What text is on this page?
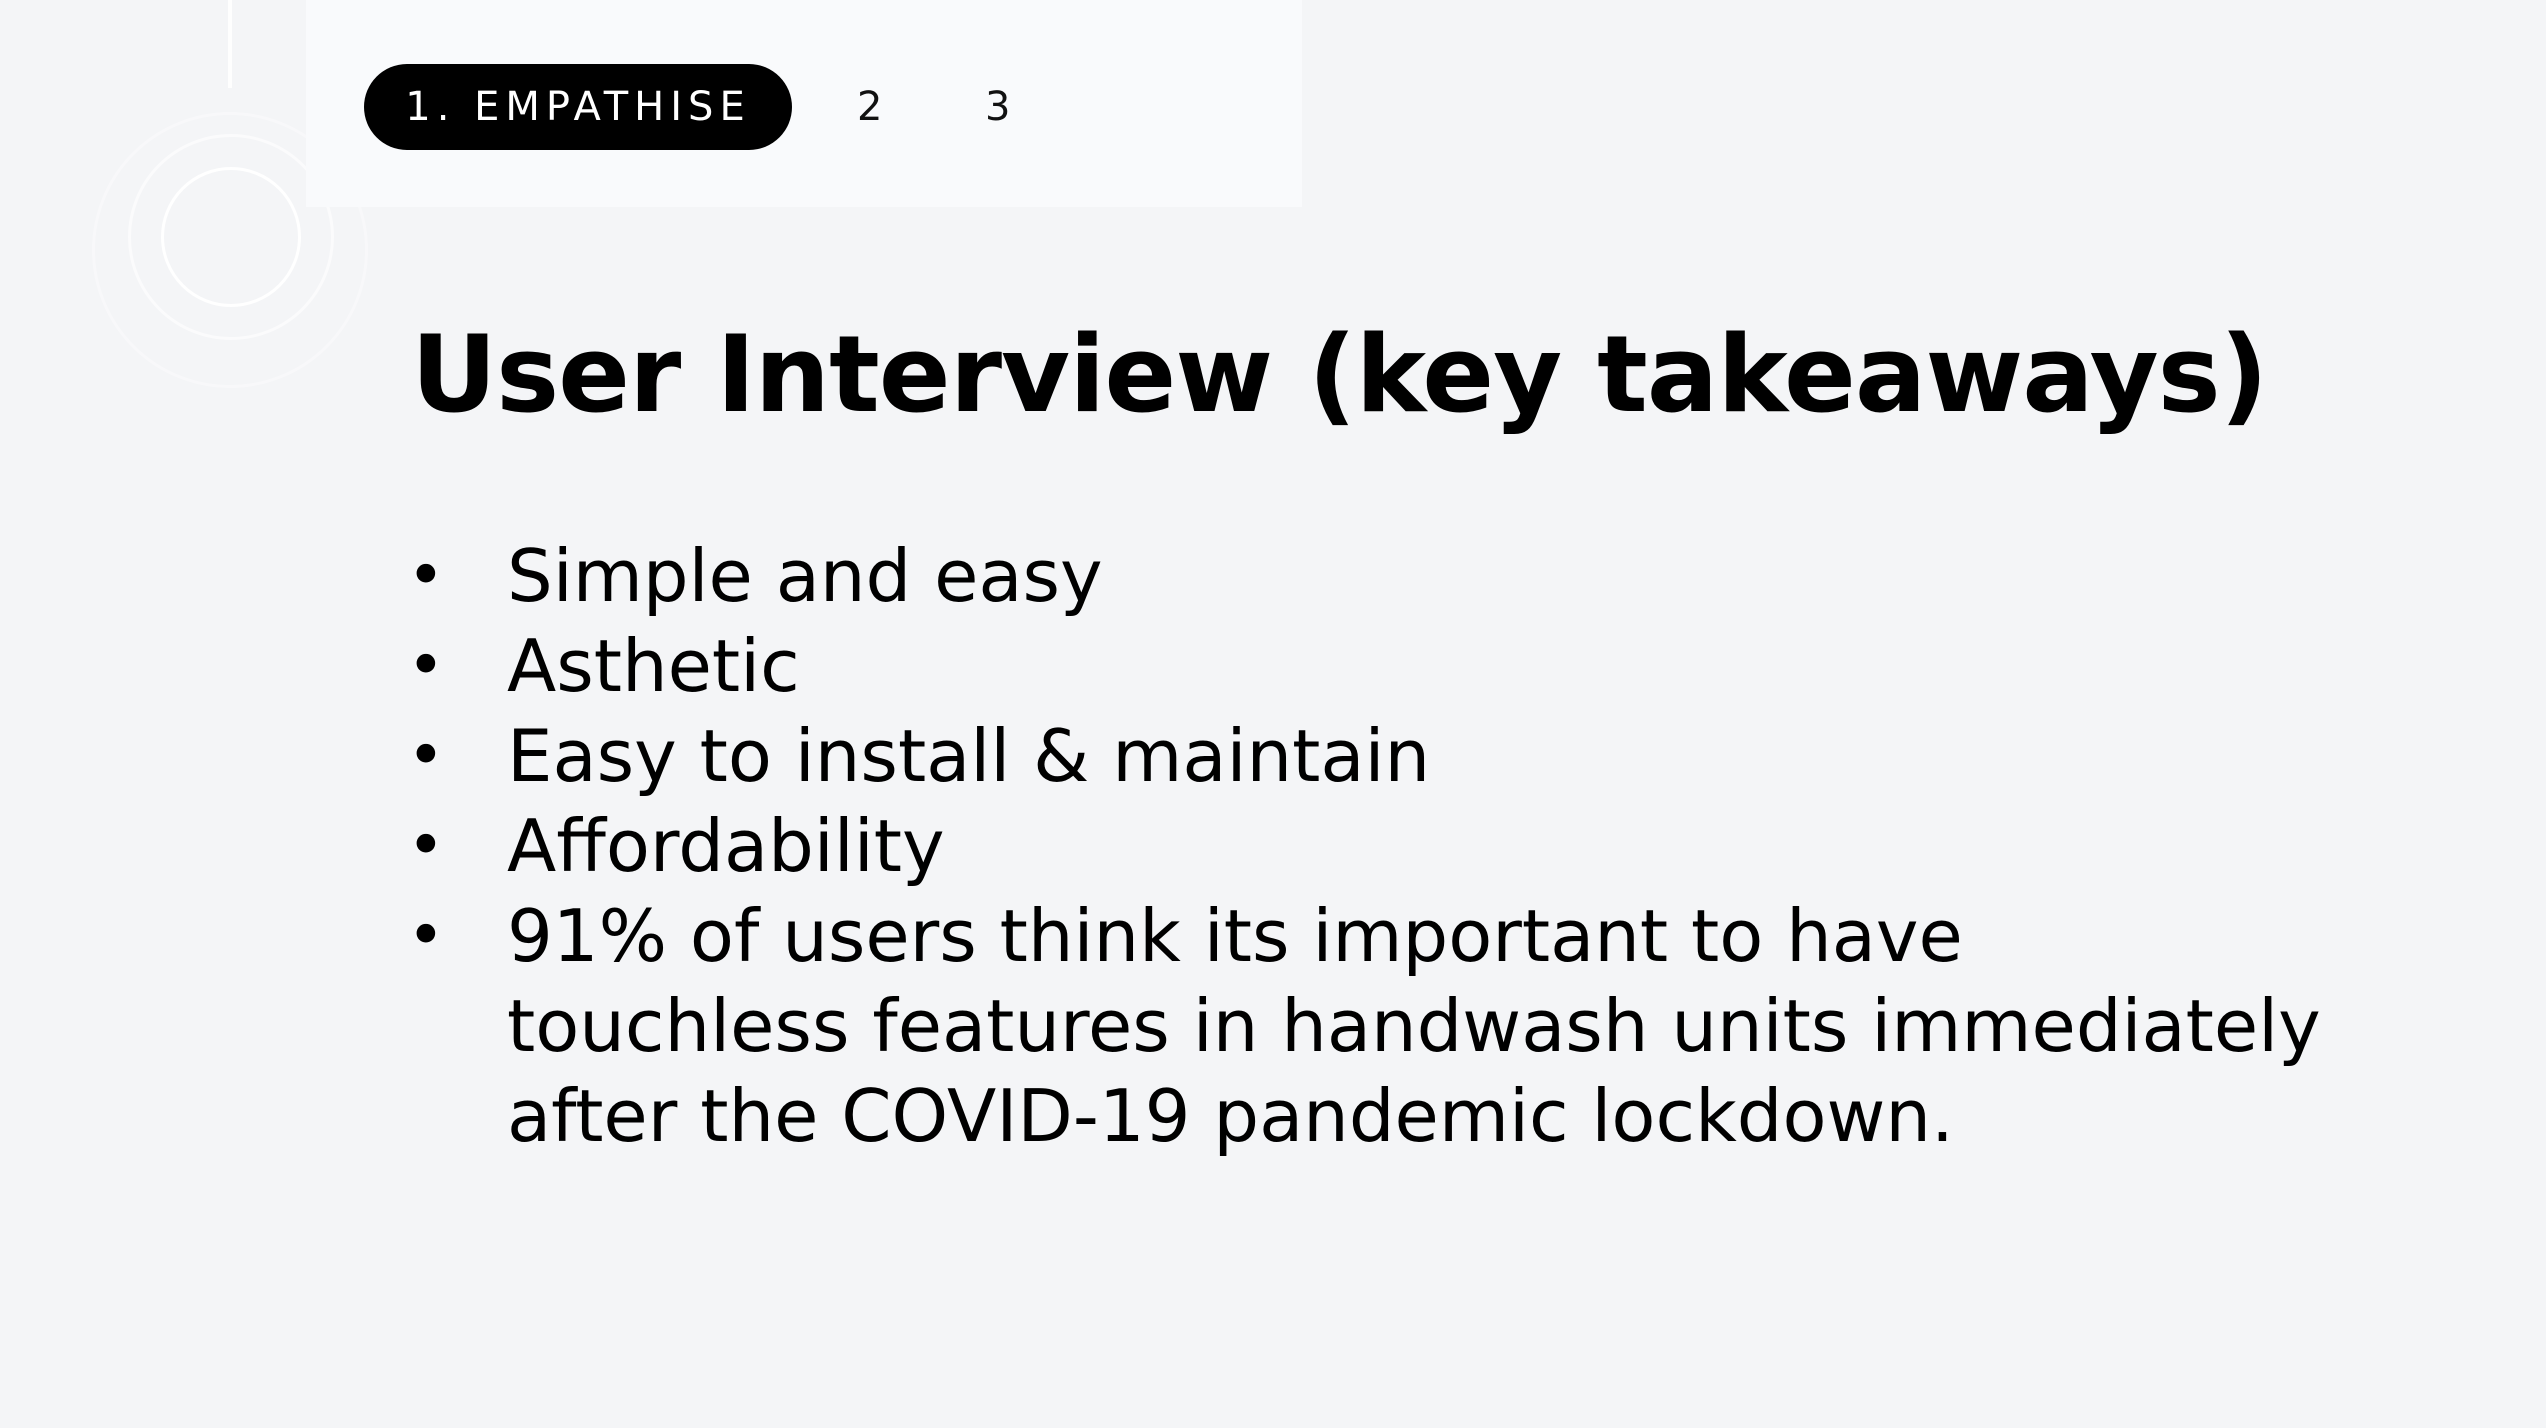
1. EMPATHISE	2	3
User Interview (key takeaways)
• Simple and easy
• Asthetic
• Easy to install & maintain
• Affordability
• 91% of users think its important to have
touchless features in handwash units immediately
after the COVID-19 pandemic lockdown.
